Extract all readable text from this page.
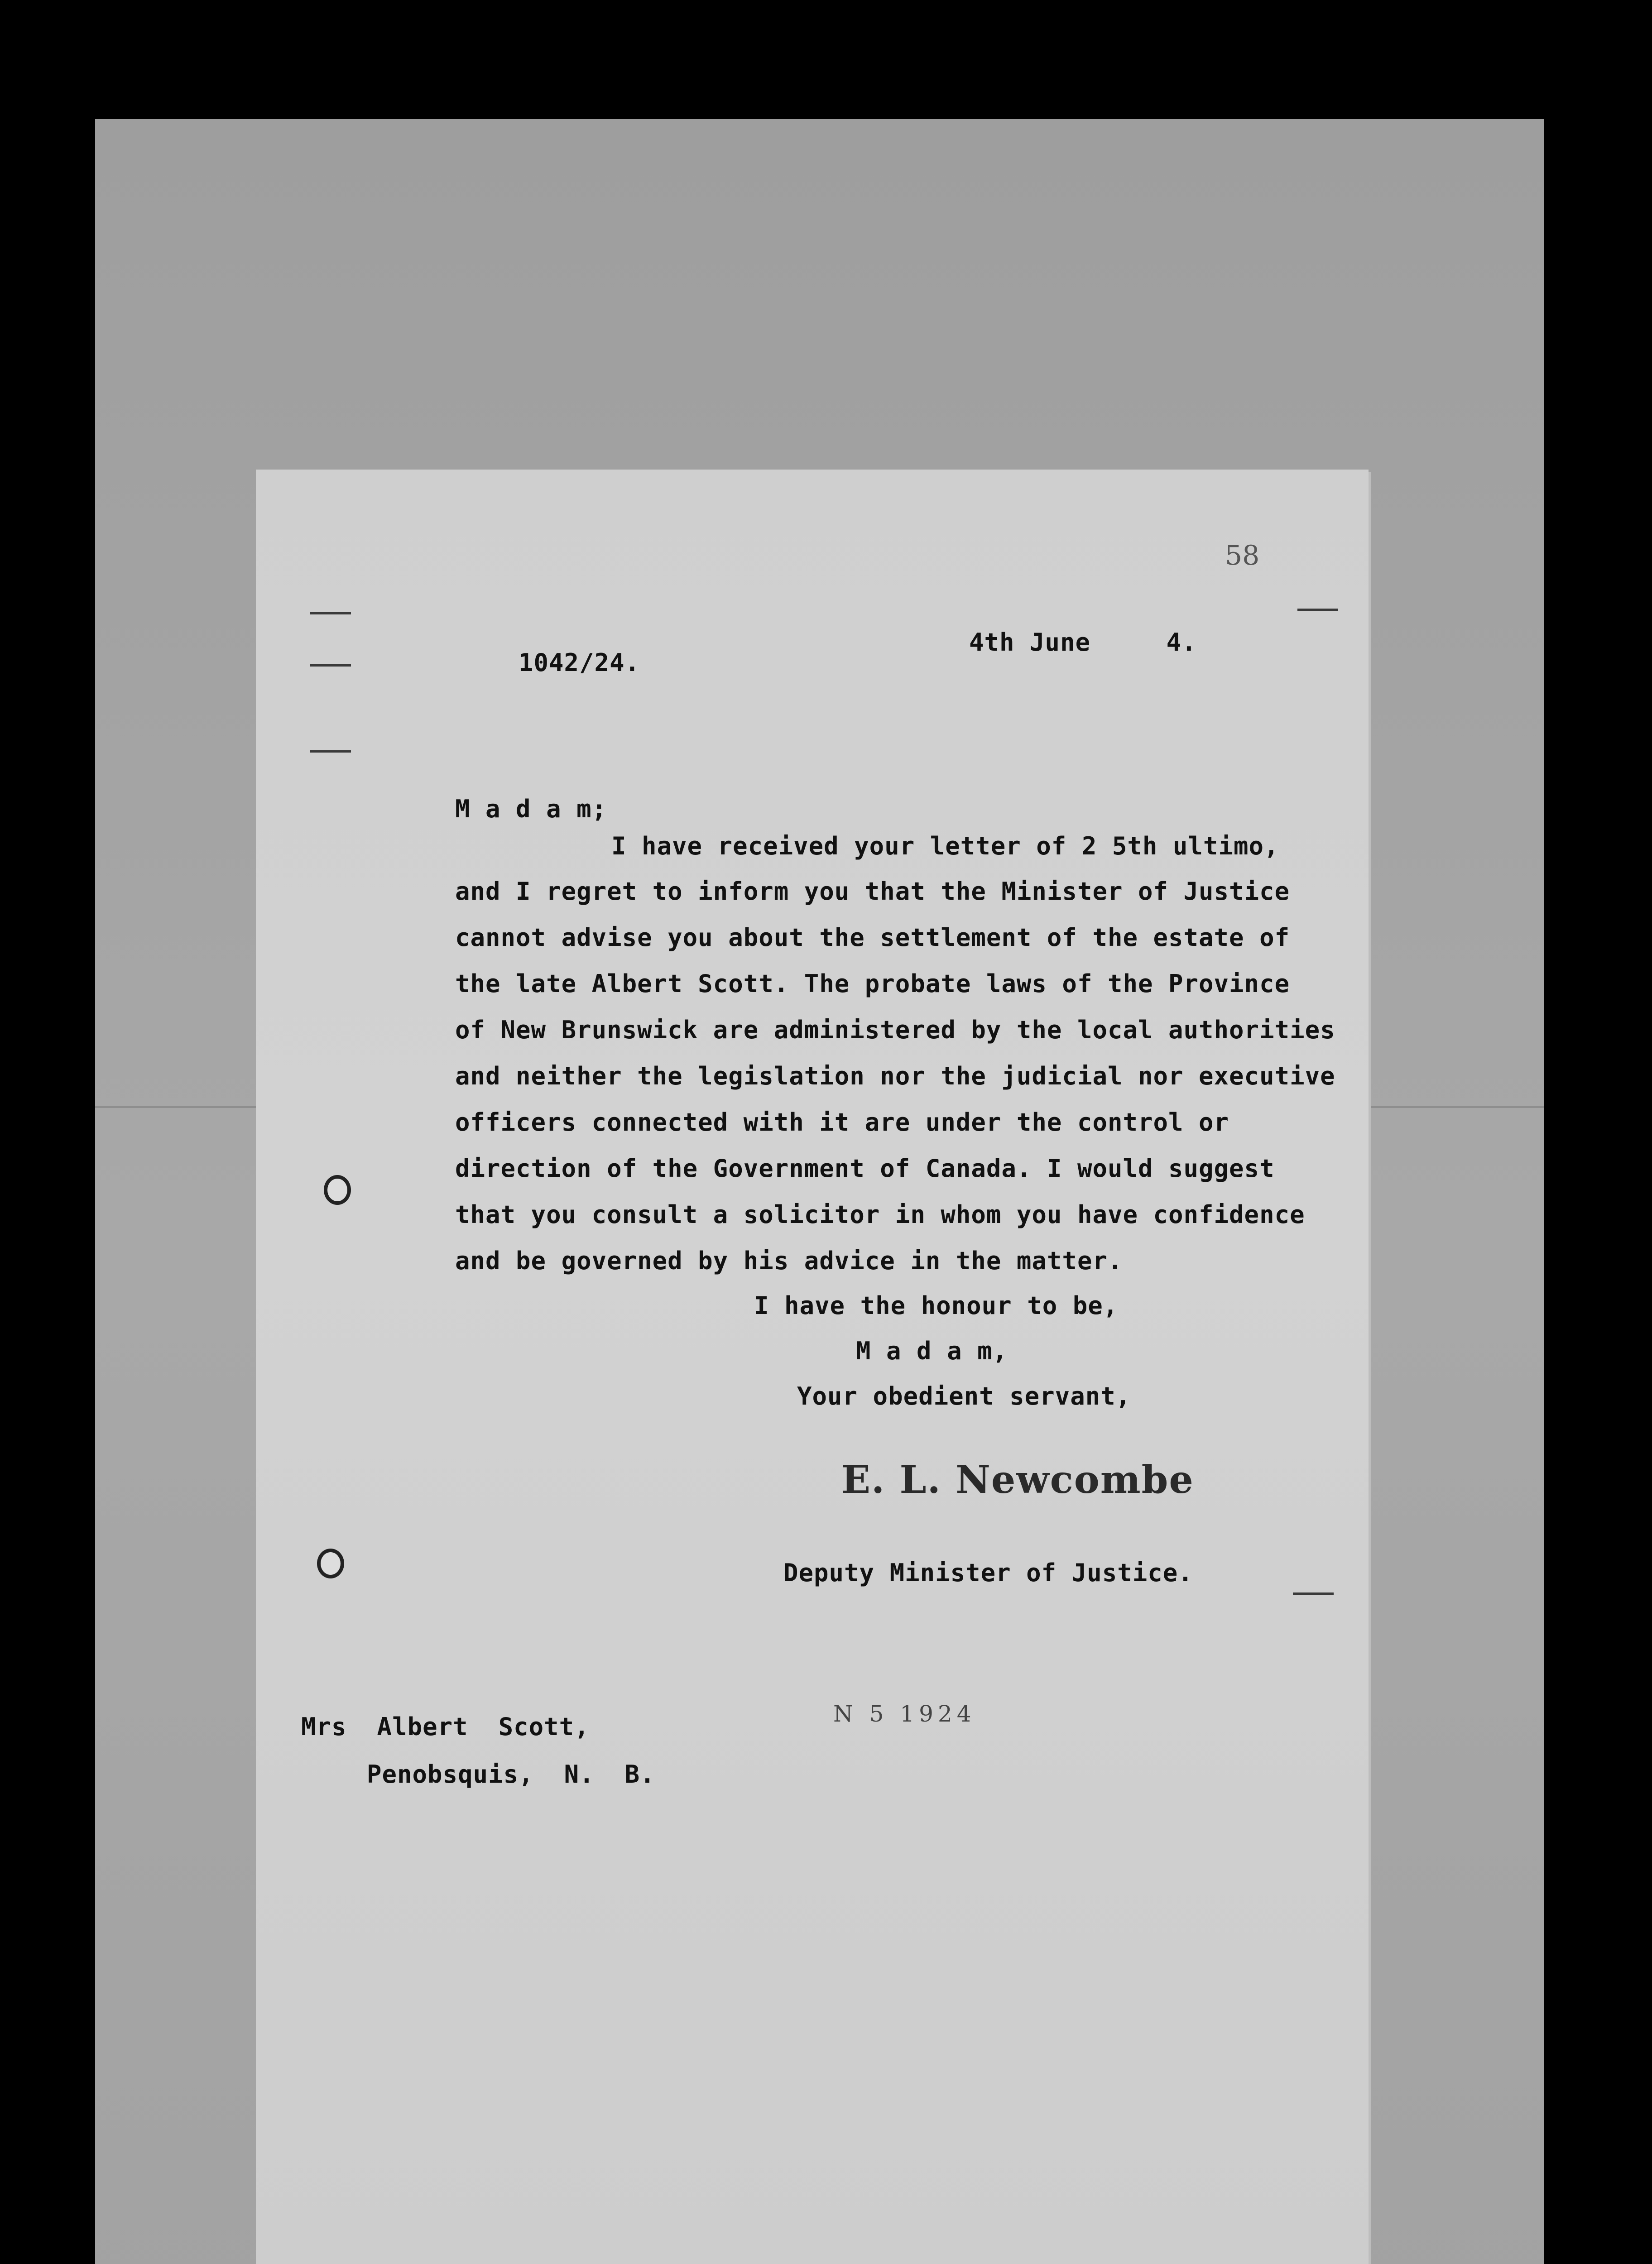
58
1042/24.
4th June     4.
M a d a m;
I have received your letter of 2 5th ultimo,
and I regret to inform you that the Minister of Justice
cannot advise you about the settlement of the estate of
the late Albert Scott. The probate laws of the Province
of New Brunswick are administered by the local authorities
and neither the legislation nor the judicial nor executive
officers connected with it are under the control or
direction of the Government of Canada. I would suggest
that you consult a solicitor in whom you have confidence
and be governed by his advice in the matter.
I have the honour to be,
M a d a m,
Your obedient servant,
Deputy Minister of Justice.
Mrs  Albert  Scott,
Penobsquis,  N.  B.
E. L. Newcombe
N 5 1924
